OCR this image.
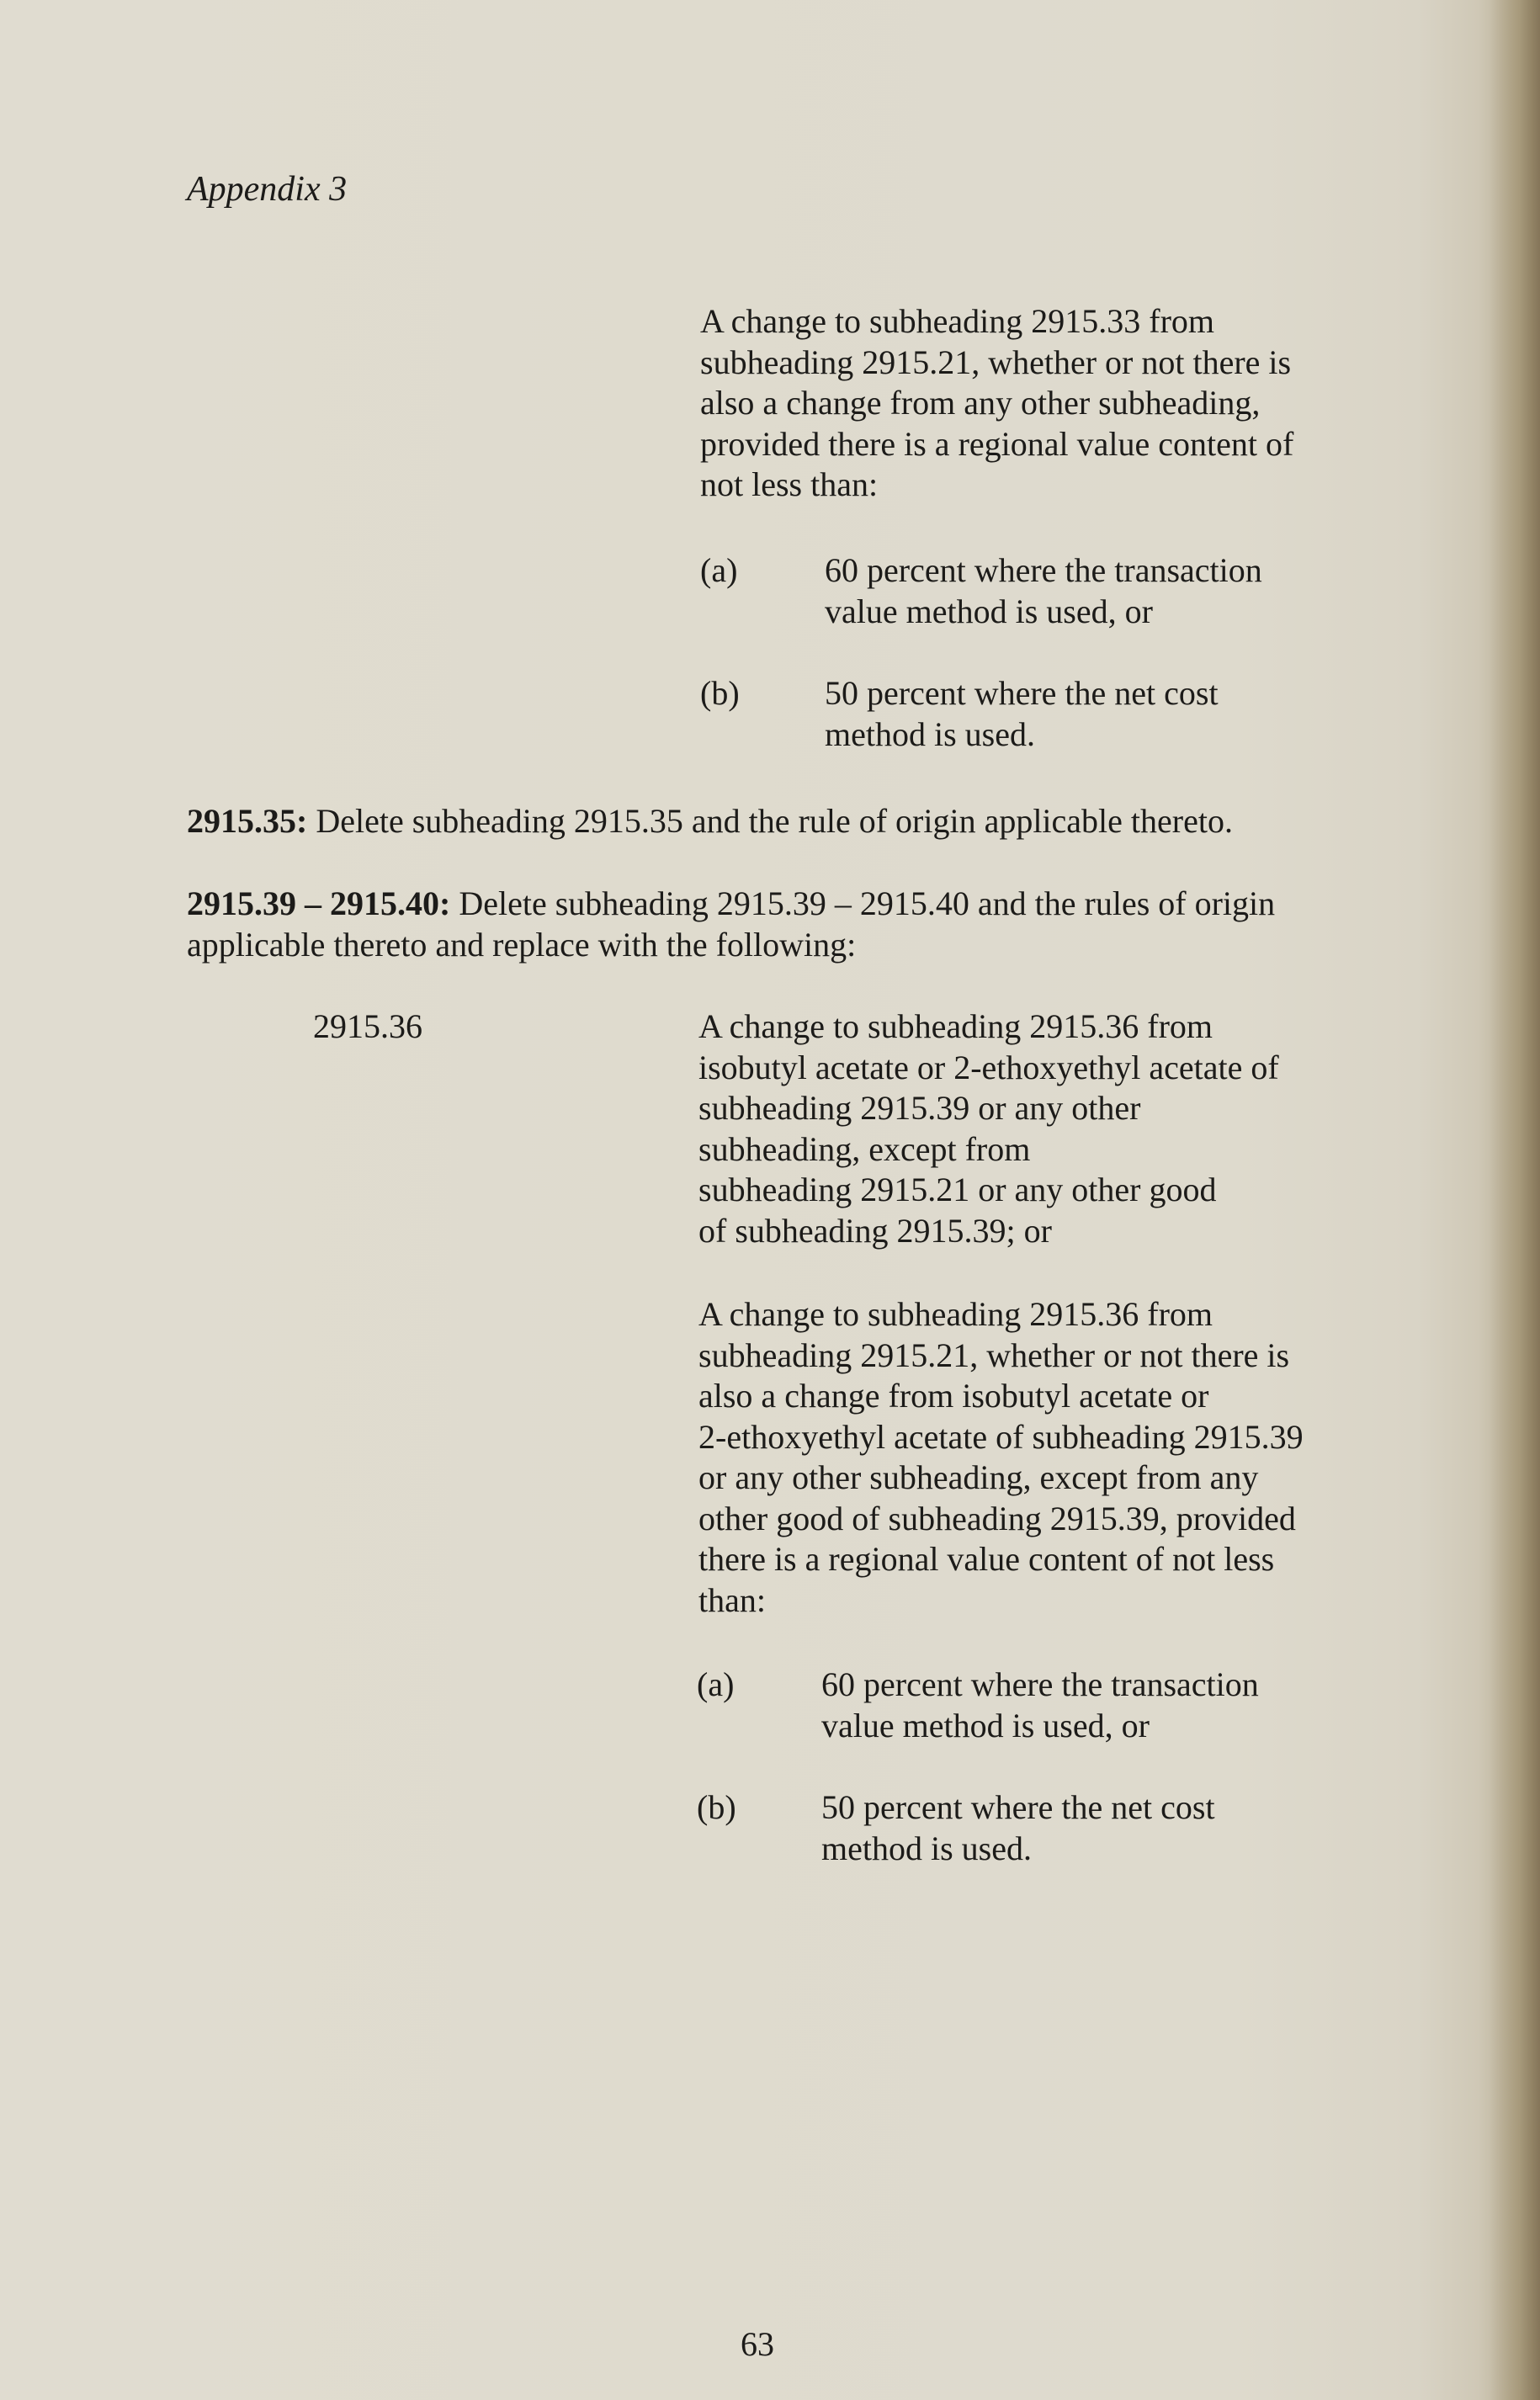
Appendix 3
A change to subheading 2915.33 from
subheading 2915.21, whether or not there is
also a change from any other subheading,
provided there is a regional value content of
not less than:
(a)	60 percent where the transaction
value method is used, or
(b)	50 percent where the net cost
method is used.
2915.35: Delete subheading 2915.35 and the rule of origin applicable thereto.
2915.39 – 2915.40: Delete subheading 2915.39 – 2915.40 and the rules of origin
applicable thereto and replace with the following:
2915.36	A change to subheading 2915.36 from
isobutyl acetate or 2-ethoxyethyl acetate of
subheading 2915.39 or any other
subheading, except from
subheading 2915.21 or any other good
of subheading 2915.39; or
A change to subheading 2915.36 from
subheading 2915.21, whether or not there is
also a change from isobutyl acetate or
2-ethoxyethyl acetate of subheading 2915.39
or any other subheading, except from any
other good of subheading 2915.39, provided
there is a regional value content of not less
than:
(a)	60 percent where the transaction
value method is used, or
(b)	50 percent where the net cost
method is used.
63
